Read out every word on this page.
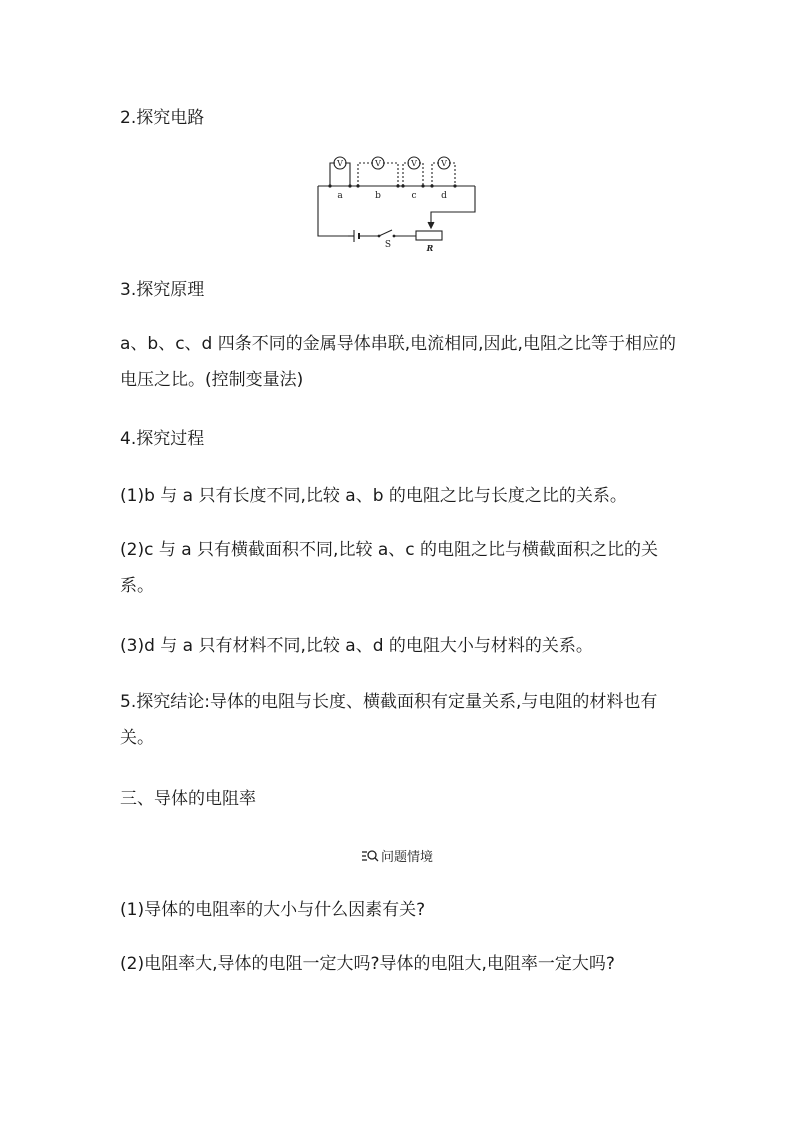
2.探究电路

V	V	V	V
a	b	c	d
S	R

3.探究原理

a、b、c、d 四条不同的金属导体串联,电流相同,因此,电阻之比等于相应的电压之比。(控制变量法)

4.探究过程

(1)b 与 a 只有长度不同,比较 a、b 的电阻之比与长度之比的关系。

(2)c 与 a 只有横截面积不同,比较 a、c 的电阻之比与横截面积之比的关系。

(3)d 与 a 只有材料不同,比较 a、d 的电阻大小与材料的关系。

5.探究结论:导体的电阻与长度、横截面积有定量关系,与电阻的材料也有关。

三、导体的电阻率

问题情境

(1)导体的电阻率的大小与什么因素有关?

(2)电阻率大,导体的电阻一定大吗?导体的电阻大,电阻率一定大吗?
